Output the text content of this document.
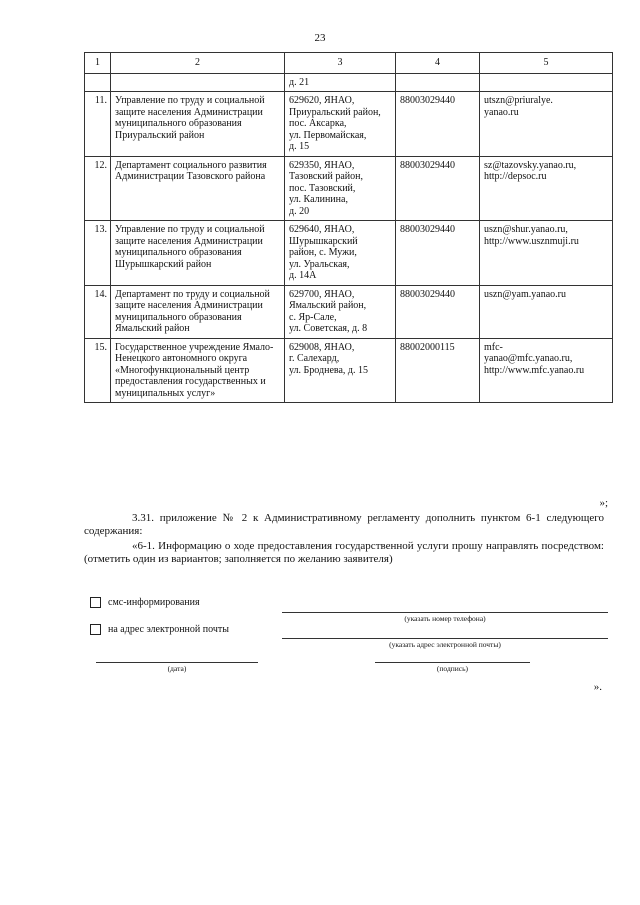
23
1	2	3	4	5
		д. 21		
11.	Управление по труду и социальной защите населения Администрации муниципального образования Приуральский район	629620, ЯНАО,
Приуральский район,
пос. Аксарка,
ул. Первомайская,
д. 15	88003029440	utszn@priuralye.
yanao.ru
12.	Департамент социального развития Администрации Тазовского района	629350, ЯНАО,
Тазовский район,
пос. Тазовский,
ул. Калинина,
д. 20	88003029440	sz@tazovsky.yanao.ru,
http://depsoc.ru
13.	Управление по труду и социальной защите населения Администрации муниципального образования Шурышкарский район	629640, ЯНАО,
Шурышкарский
район, с. Мужи,
ул. Уральская,
д. 14А	88003029440	uszn@shur.yanao.ru,
http://www.usznmuji.ru
14.	Департамент по труду и социальной защите населения Администрации муниципального образования Ямальский район	629700, ЯНАО,
Ямальский район,
с. Яр-Сале,
ул. Советская, д. 8	88003029440	uszn@yam.yanao.ru
15.	Государственное учреждение Ямало-Ненецкого автономного округа «Многофункциональный центр предоставления государственных и муниципальных услуг»	629008, ЯНАО,
г. Салехард,
ул. Броднева, д. 15	88002000115	mfc-
yanao@mfc.yanao.ru,
http://www.mfc.yanao.ru
»;
3.31. приложение № 2 к Административному регламенту дополнить пунктом 6-1 следующего содержания:
«6-1. Информацию о ходе предоставления государственной услуги прошу направлять посредством: (отметить один из вариантов; заполняется по желанию заявителя)
смс-информирования
(указать номер телефона)
на адрес электронной почты
(указать адрес электронной почты)
(дата)	(подпись)
».
